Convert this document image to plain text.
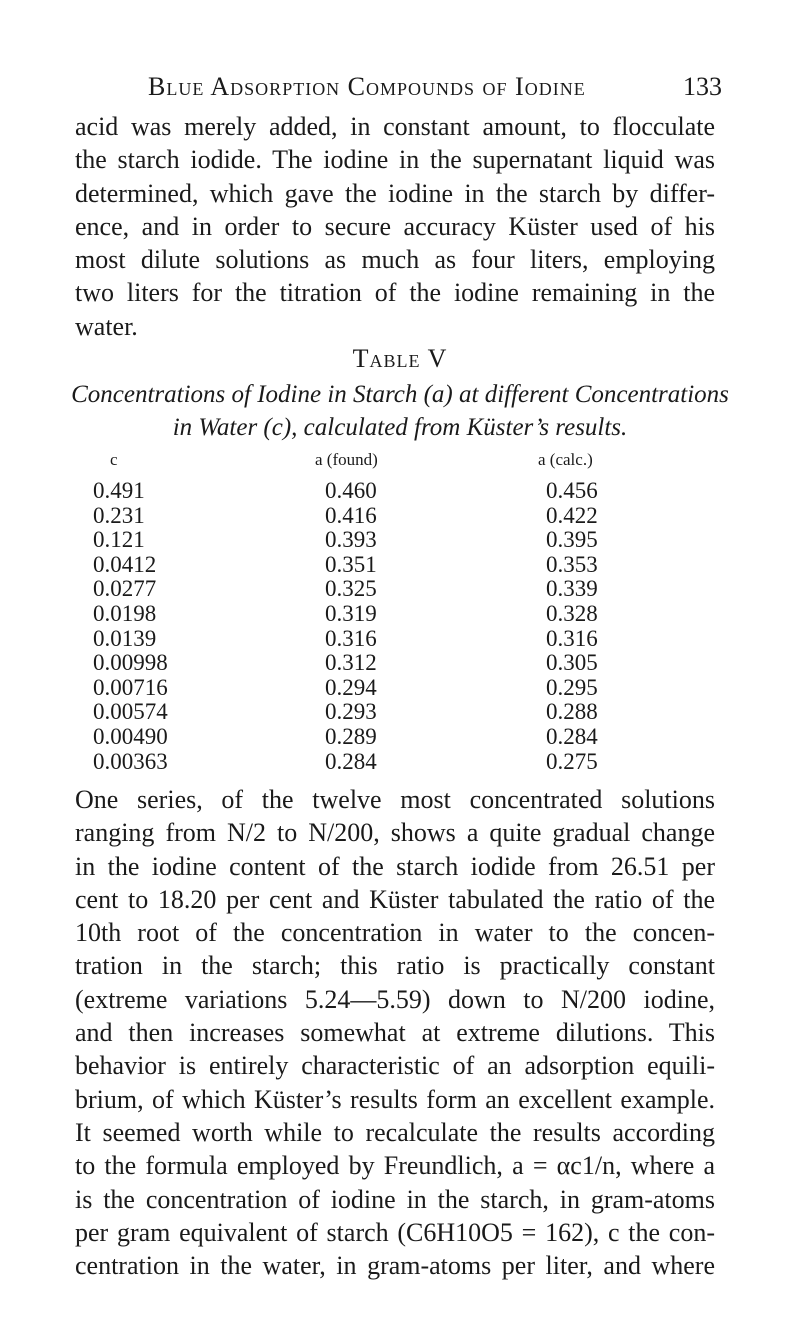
Blue Adsorption Compounds of Iodine	133
acid was merely added, in constant amount, to flocculate
the starch iodide. The iodine in the supernatant liquid was
determined, which gave the iodine in the starch by differ-
ence, and in order to secure accuracy Küster used of his
most dilute solutions as much as four liters, employing
two liters for the titration of the iodine remaining in the
water.
Table V
Concentrations of Iodine in Starch (a) at different Concentrations
in Water (c), calculated from Küster’s results.
c	a (found)	a (calc.)
0.491	0.460	0.456
0.231	0.416	0.422
0.121	0.393	0.395
0.0412	0.351	0.353
0.0277	0.325	0.339
0.0198	0.319	0.328
0.0139	0.316	0.316
0.00998	0.312	0.305
0.00716	0.294	0.295
0.00574	0.293	0.288
0.00490	0.289	0.284
0.00363	0.284	0.275
One series, of the twelve most concentrated solutions
ranging from N/2 to N/200, shows a quite gradual change
in the iodine content of the starch iodide from 26.51 per
cent to 18.20 per cent and Küster tabulated the ratio of the
10th root of the concentration in water to the concen-
tration in the starch; this ratio is practically constant
(extreme variations 5.24—5.59) down to N/200 iodine,
and then increases somewhat at extreme dilutions. This
behavior is entirely characteristic of an adsorption equili-
brium, of which Küster’s results form an excellent example.
It seemed worth while to recalculate the results according
to the formula employed by Freundlich, a = αc1/n, where a
is the concentration of iodine in the starch, in gram-atoms
per gram equivalent of starch (C6H10O5 = 162), c the con-
centration in the water, in gram-atoms per liter, and where
